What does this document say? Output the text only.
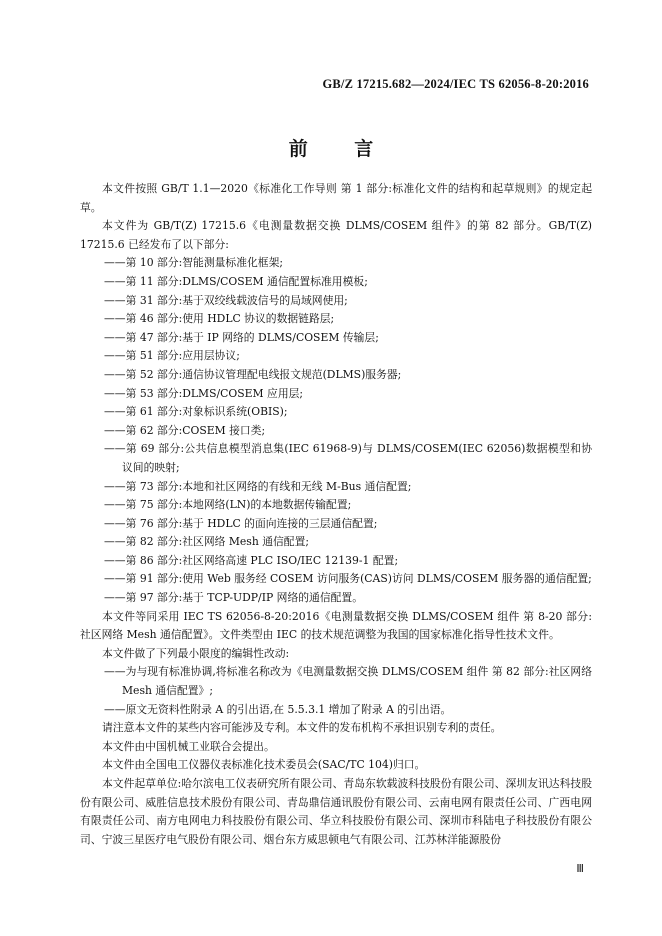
GB/Z 17215.682—2024/IEC TS 62056-8-20:2016
前 言
本文件按照 GB/T 1.1—2020《标准化工作导则 第 1 部分:标准化文件的结构和起草规则》的规定起草。
本文件为 GB/T(Z) 17215.6《电测量数据交换 DLMS/COSEM 组件》的第 82 部分。GB/T(Z) 17215.6 已经发布了以下部分:
——第 10 部分:智能测量标准化框架;
——第 11 部分:DLMS/COSEM 通信配置标准用模板;
——第 31 部分:基于双绞线载波信号的局域网使用;
——第 46 部分:使用 HDLC 协议的数据链路层;
——第 47 部分:基于 IP 网络的 DLMS/COSEM 传输层;
——第 51 部分:应用层协议;
——第 52 部分:通信协议管理配电线报文规范(DLMS)服务器;
——第 53 部分:DLMS/COSEM 应用层;
——第 61 部分:对象标识系统(OBIS);
——第 62 部分:COSEM 接口类;
——第 69 部分:公共信息模型消息集(IEC 61968-9)与 DLMS/COSEM(IEC 62056)数据模型和协议间的映射;
——第 73 部分:本地和社区网络的有线和无线 M-Bus 通信配置;
——第 75 部分:本地网络(LN)的本地数据传输配置;
——第 76 部分:基于 HDLC 的面向连接的三层通信配置;
——第 82 部分:社区网络 Mesh 通信配置;
——第 86 部分:社区网络高速 PLC ISO/IEC 12139-1 配置;
——第 91 部分:使用 Web 服务经 COSEM 访问服务(CAS)访问 DLMS/COSEM 服务器的通信配置;
——第 97 部分:基于 TCP-UDP/IP 网络的通信配置。
本文件等同采用 IEC TS 62056-8-20:2016《电测量数据交换 DLMS/COSEM 组件 第 8-20 部分:社区网络 Mesh 通信配置》。文件类型由 IEC 的技术规范调整为我国的国家标准化指导性技术文件。
本文件做了下列最小限度的编辑性改动:
——为与现有标准协调,将标准名称改为《电测量数据交换 DLMS/COSEM 组件 第 82 部分:社区网络 Mesh 通信配置》;
——原文无资料性附录 A 的引出语,在 5.5.3.1 增加了附录 A 的引出语。
请注意本文件的某些内容可能涉及专利。本文件的发布机构不承担识别专利的责任。
本文件由中国机械工业联合会提出。
本文件由全国电工仪器仪表标准化技术委员会(SAC/TC 104)归口。
本文件起草单位:哈尔滨电工仪表研究所有限公司、青岛东软载波科技股份有限公司、深圳友讯达科技股份有限公司、威胜信息技术股份有限公司、青岛鼎信通讯股份有限公司、云南电网有限责任公司、广西电网有限责任公司、南方电网电力科技股份有限公司、华立科技股份有限公司、深圳市科陆电子科技股份有限公司、宁波三星医疗电气股份有限公司、烟台东方威思顿电气有限公司、江苏林洋能源股份
Ⅲ
